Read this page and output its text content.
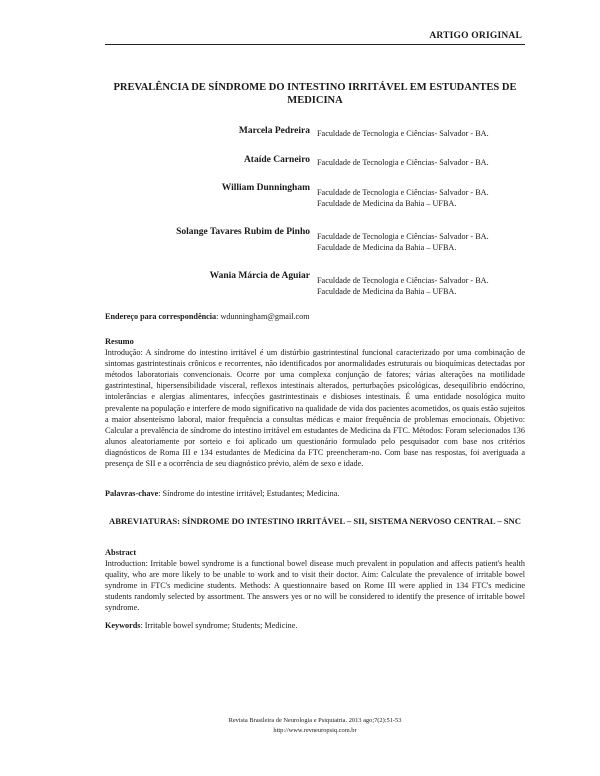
ARTIGO ORIGINAL
PREVALÊNCIA DE SÍNDROME DO INTESTINO IRRITÁVEL EM ESTUDANTES DE MEDICINA
Marcela Pedreira Faculdade de Tecnologia e Ciências- Salvador - BA.
Ataíde Carneiro Faculdade de Tecnologia e Ciências- Salvador - BA.
William Dunningham Faculdade de Tecnologia e Ciências- Salvador - BA.
Faculdade de Medicina da Bahia – UFBA.
Solange Tavares Rubim de Pinho Faculdade de Tecnologia e Ciências- Salvador - BA.
Faculdade de Medicina da Bahia – UFBA.
Wania Márcia de Aguiar Faculdade de Tecnologia e Ciências- Salvador - BA.
Faculdade de Medicina da Bahia – UFBA.
Endereço para correspondência: wdunningham@gmail.com
Resumo
Introdução: A síndrome do intestino irritável é um distúrbio gastrintestinal funcional caracterizado por uma combinação de sintomas gastrintestinais crônicos e recorrentes, não identificados por anormalidades estruturais ou bioquímicas detectadas por métodos laboratoriais convencionais. Ocorre por uma complexa conjunção de fatores; várias alterações na motilidade gastrintestinal, hipersensibilidade visceral, reflexos intestinais alterados, perturbações psicológicas, desequilíbrio endócrino, intolerâncias e alergias alimentares, infecções gastrintestinais e disbioses intestinais. É uma entidade nosológica muito prevalente na população e interfere de modo significativo na qualidade de vida dos pacientes acometidos, os quais estão sujeitos a maior absenteísmo laboral, maior frequência a consultas médicas e maior frequência de problemas emocionais. Objetivo: Calcular a prevalência de síndrome do intestino irritável em estudantes de Medicina da FTC. Métodos: Foram selecionados 136 alunos aleatoriamente por sorteio e foi aplicado um questionário formulado pelo pesquisador com base nos critérios diagnósticos de Roma III e 134 estudantes de Medicina da FTC preencheram-no. Com base nas respostas, foi averiguada a presença de SII e a ocorrência de seu diagnóstico prévio, além de sexo e idade.
Palavras-chave: Síndrome do intestine irritável; Estudantes; Medicina.
ABREVIATURAS: SÍNDROME DO INTESTINO IRRITÁVEL – SII, SISTEMA NERVOSO CENTRAL – SNC
Abstract
Introduction: Irritable bowel syndrome is a functional bowel disease much prevalent in population and affects patient's health quality, who are more likely to be unable to work and to visit their doctor. Aim: Calculate the prevalence of irritable bowel syndrome in FTC's medicine students. Methods: A questionnaire based on Rome III were applied in 134 FTC's medicine students randomly selected by assortment. The answers yes or no will be considered to identify the presence of irritable bowel syndrome.
Keywords: Irritable bowel syndrome; Students; Medicine.
Revista Brasileira de Neurologia e Psiquiatria. 2013 ago;7(2):51-53
http://www.revneuropsiq.com.br
